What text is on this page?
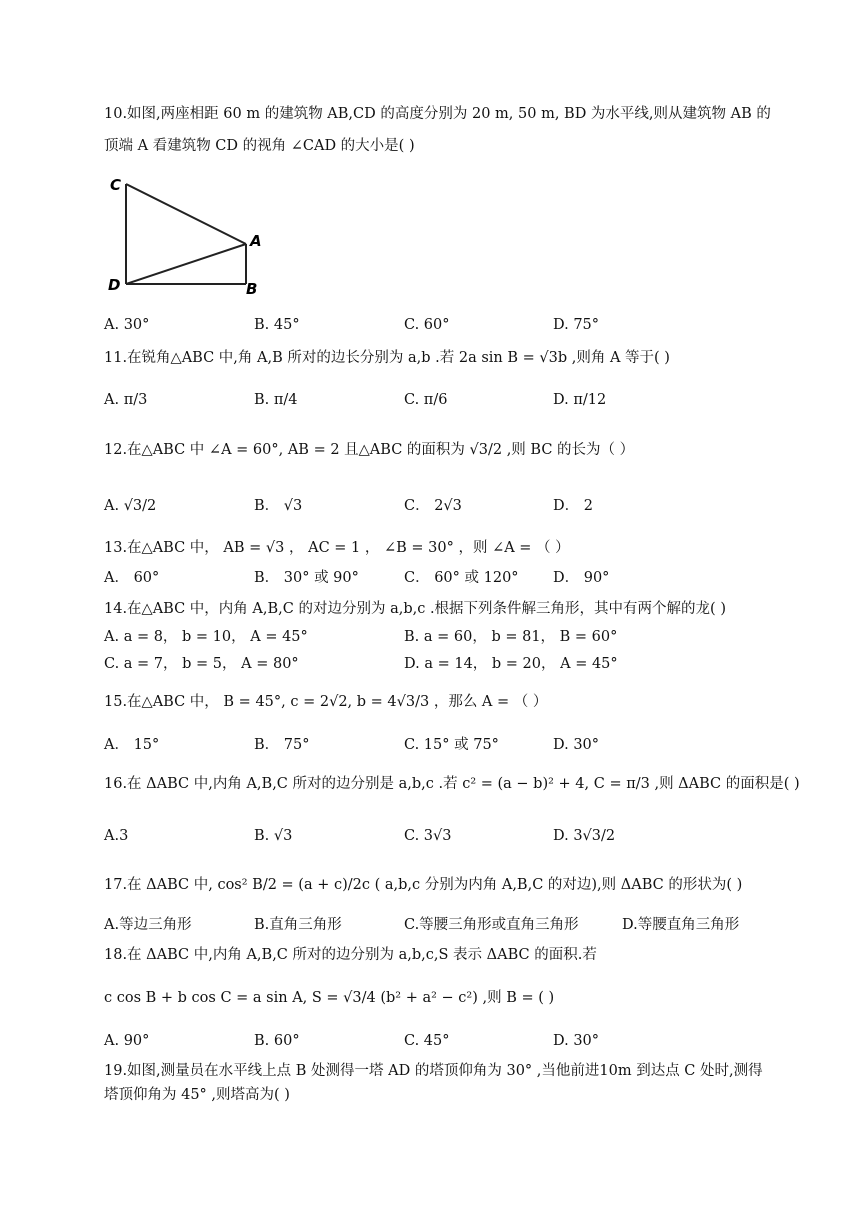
10.如图,两座相距 60 m 的建筑物 AB,CD 的高度分别为 20 m, 50 m, BD 为水平线,则从建筑物 AB 的
顶端 A 看建筑物 CD 的视角 ∠CAD 的大小是( )
C
A
D	B
A. 30°	B. 45°	C. 60°	D. 75°
11.在锐角△ABC 中,角 A,B 所对的边长分别为 a,b .若 2a sin B = √3b ,则角 A 等于( )
A. π/3	B. π/4	C. π/6	D. π/12
12.在△ABC 中 ∠A = 60°, AB = 2 且△ABC 的面积为 √3/2 ,则 BC 的长为（ ）
A. √3/2	B． √3	C． 2√3	D． 2
13.在△ABC 中， AB = √3 ， AC = 1 ， ∠B = 30° ，则 ∠A = （ ）
A． 60°	B． 30° 或 90°	C． 60° 或 120° D． 90°
14.在△ABC 中，内角 A,B,C 的对边分别为 a,b,c .根据下列条件解三角形，其中有两个解的龙( )
A. a = 8， b = 10， A = 45°	B. a = 60， b = 81， B = 60°
C. a = 7， b = 5， A = 80°	D. a = 14， b = 20， A = 45°
15.在△ABC 中， B = 45°, c = 2√2, b = 4√3/3 ，那么 A = （ ）
A． 15°	B． 75°	C. 15° 或 75°	D. 30°
16.在 ΔABC 中,内角 A,B,C 所对的边分别是 a,b,c .若 c² = (a − b)² + 4, C = π/3 ,则 ΔABC 的面积是( )
A.3	B. √3	C. 3√3	D. 3√3/2
17.在 ΔABC 中, cos² B/2 = (a + c)/2c ( a,b,c 分别为内角 A,B,C 的对边),则 ΔABC 的形状为( )
A.等边三角形	B.直角三角形	C.等腰三角形或直角三角形	D.等腰直角三角形
18.在 ΔABC 中,内角 A,B,C 所对的边分别为 a,b,c,S 表示 ΔABC 的面积.若
c cos B + b cos C = a sin A, S = √3/4 (b² + a² − c²) ,则 B = ( )
A. 90°	B. 60°	C. 45°	D. 30°
19.如图,测量员在水平线上点 B 处测得一塔 AD 的塔顶仰角为 30° ,当他前进10m 到达点 C 处时,测得
塔顶仰角为 45° ,则塔高为( )
